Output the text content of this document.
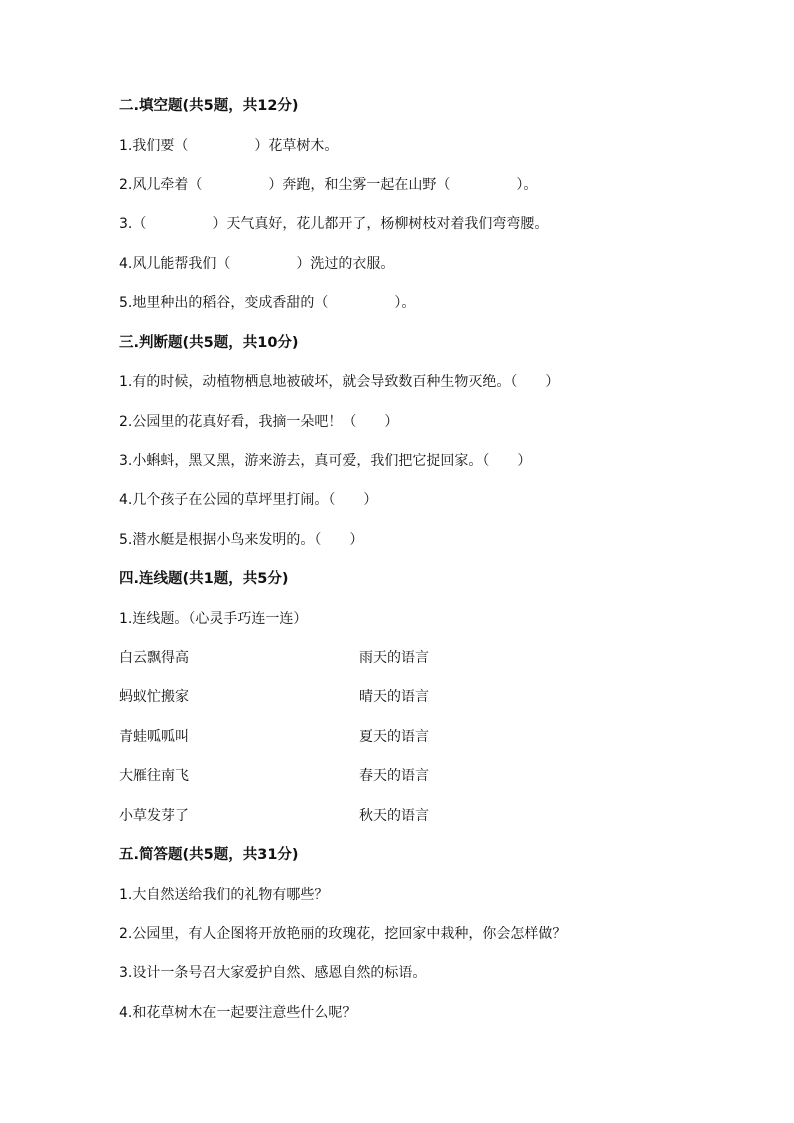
二.填空题(共5题，共12分)
1.我们要（	）花草树木。
2.风儿牵着（	）奔跑，和尘雾一起在山野（	）。
3.（	）天气真好，花儿都开了，杨柳树枝对着我们弯弯腰。
4.风儿能帮我们（	）洗过的衣服。
5.地里种出的稻谷，变成香甜的（	）。
三.判断题(共5题，共10分)
1.有的时候，动植物栖息地被破坏，就会导致数百种生物灭绝。（ ）
2.公园里的花真好看，我摘一朵吧！（ ）
3.小蝌蚪，黑又黑，游来游去，真可爱，我们把它捉回家。（ ）
4.几个孩子在公园的草坪里打闹。（ ）
5.潜水艇是根据小鸟来发明的。（ ）
四.连线题(共1题，共5分)
1.连线题。（心灵手巧连一连）
白云飘得高	雨天的语言
蚂蚁忙搬家	晴天的语言
青蛙呱呱叫	夏天的语言
大雁往南飞	春天的语言
小草发芽了	秋天的语言
五.简答题(共5题，共31分)
1.大自然送给我们的礼物有哪些？
2.公园里，有人企图将开放艳丽的玫瑰花，挖回家中栽种，你会怎样做？
3.设计一条号召大家爱护自然、感恩自然的标语。
4.和花草树木在一起要注意些什么呢？
